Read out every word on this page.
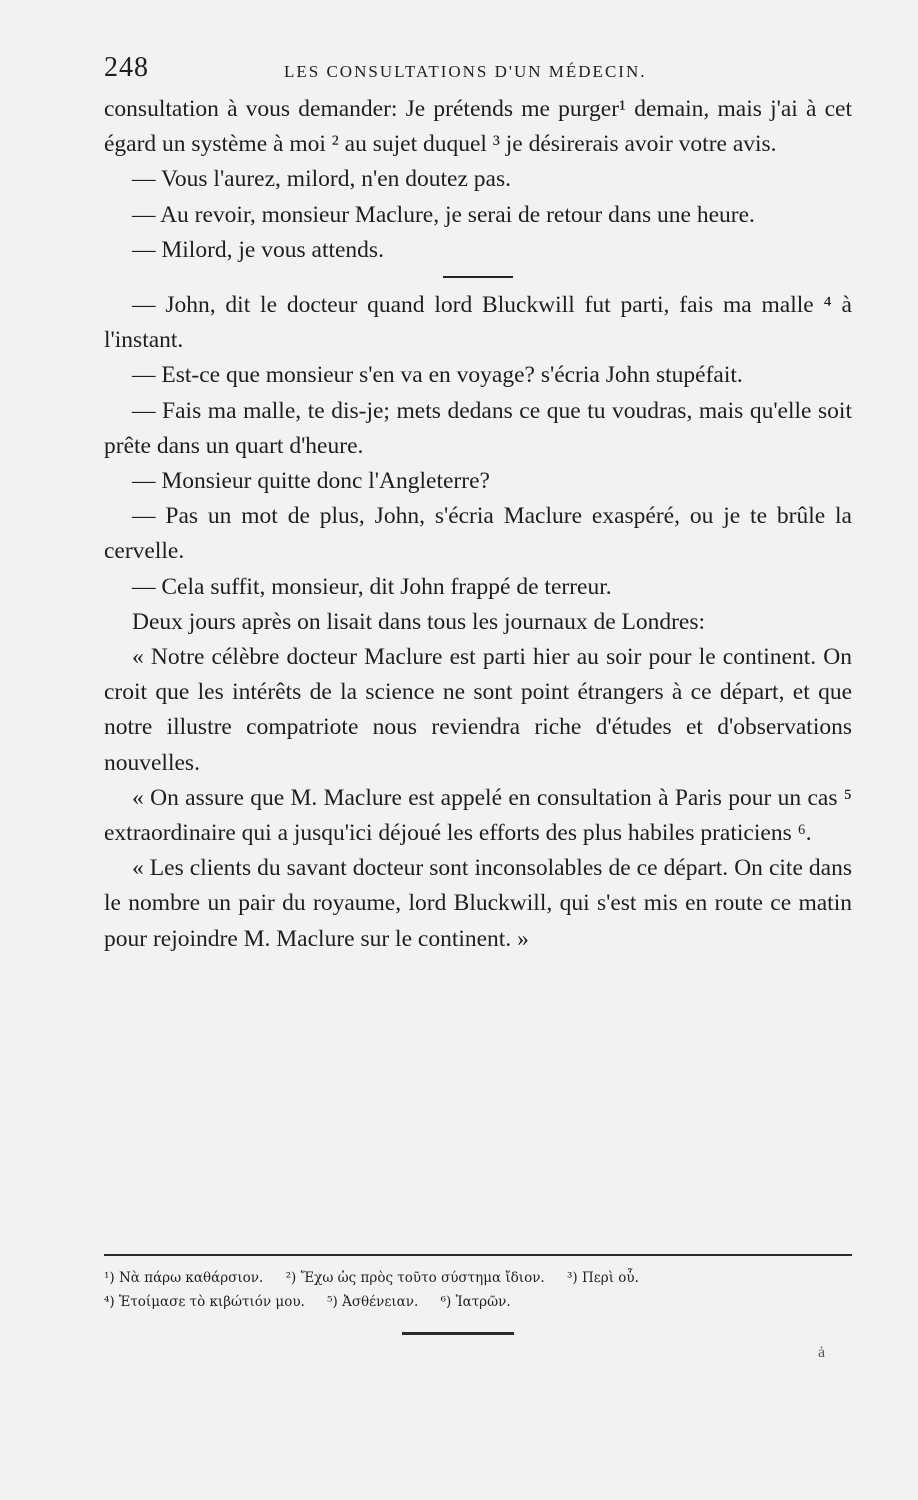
248	LES CONSULTATIONS D'UN MÉDECIN.

consultation à vous demander: Je prétends me purger¹ demain, mais j'ai à cet égard un système à moi ² au sujet duquel ³ je désirerais avoir votre avis.

— Vous l'aurez, milord, n'en doutez pas.

— Au revoir, monsieur Maclure, je serai de retour dans une heure.

— Milord, je vous attends.

— John, dit le docteur quand lord Bluckwill fut parti, fais ma malle ⁴ à l'instant.

— Est-ce que monsieur s'en va en voyage? s'écria John stupéfait.

— Fais ma malle, te dis-je; mets dedans ce que tu voudras, mais qu'elle soit prête dans un quart d'heure.

— Monsieur quitte donc l'Angleterre?

— Pas un mot de plus, John, s'écria Maclure exaspéré, ou je te brûle la cervelle.

— Cela suffit, monsieur, dit John frappé de terreur.

Deux jours après on lisait dans tous les journaux de Londres:

« Notre célèbre docteur Maclure est parti hier au soir pour le continent. On croit que les intérêts de la science ne sont point étrangers à ce départ, et que notre illustre compatriote nous reviendra riche d'études et d'observations nouvelles.

« On assure que M. Maclure est appelé en consultation à Paris pour un cas ⁵ extraordinaire qui a jusqu'ici déjoué les efforts des plus habiles praticiens ⁶.

« Les clients du savant docteur sont inconsolables de ce départ. On cite dans le nombre un pair du royaume, lord Bluckwill, qui s'est mis en route ce matin pour rejoindre M. Maclure sur le continent. »

¹) Νὰ πάρω καθάρσιον. ²) Ἔχω ὡς πρὸς τοῦτο σύστημα ἴδιον. ³) Περὶ οὗ.
⁴) Ἑτοίμασε τὸ κιβώτιόν μου. ⁵) Ἀσθένειαν. ⁶) Ἰατρῶν.
ȧ
